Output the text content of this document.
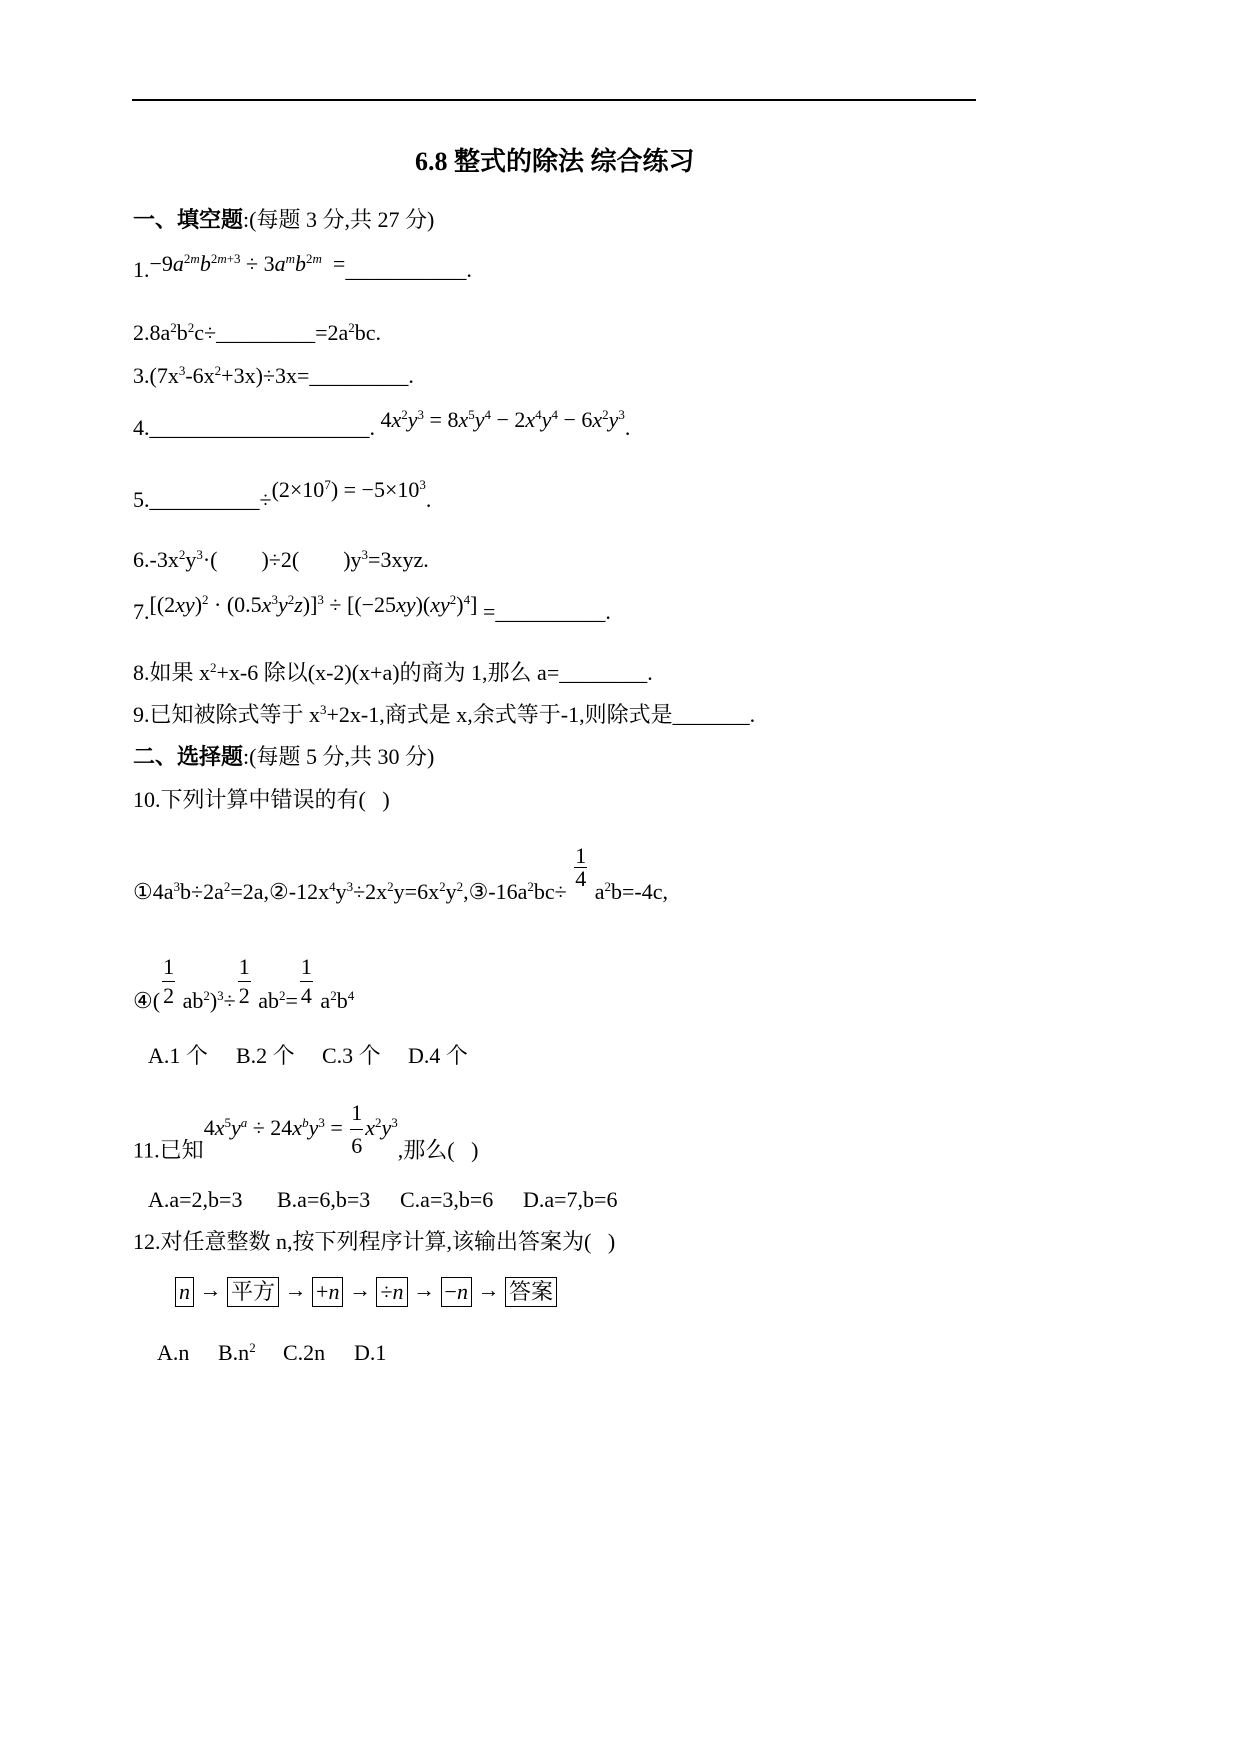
6.8 整式的除法 综合练习
一、填空题:(每题 3 分,共 27 分)
$1.-9a^{2m}b^{2m+3} \div 3a^mb^{2m}$  =___________.
$2.8a^2b^2c\div\_\_\_\_\_\_\_\_\_=2a^2bc$.
$3.(7x^3-6x^2+3x)\div 3x=\_\_\_\_\_\_\_\_\_$.
4.____________________. $4x^2y^3 = 8x^5y^4 - 2x^4y^4 - 6x^2y^3$.
$5.\_\_\_\_\_\_\_\_\_\_\div(2\times 10^7) = -5\times 10^3$.
$6.-3x^2y^3\cdot$(        )÷2(        )$y^3=3xyz$.
$7.[(2xy)^2 \cdot (0.5x^3y^2z)]^3 \div [(-25xy)(xy^2)^4]$ =__________.
8.如果 $x^2+x-6$ 除以(x-2)(x+a)的商为 1,那么 a=________.
9.已知被除式等于 $x^3+2x-1$,商式是 x,余式等于-1,则除式是_______.
二、选择题:(每题 5 分,共 30 分)
10.下列计算中错误的有(   )
$①4a^3b\div 2a^2=2a,②-12x^4y^3\div 2x^2y=6x^2y^2,③-16a^2bc\div$
$\frac{1}{4}$
$a^2b=-4c$,
④( $\frac{1}{2} ab^2)^3\div \frac{1}{2} ab^2= \frac{1}{4} a^2b^4$
A.1 个 B.2 个 C.3 个 D.4 个
11.已知$4x^5y^a \div 24x^by^3 = \frac{1}{6} x^2y^3$,那么(   )
A.a=2,b=3 B.a=6,b=3 C.a=3,b=6 D.a=7,b=6
12.对任意整数 n,按下列程序计算,该输出答案为(   )
n → 平方 → +n → ÷n → −n → 答案
A.n $B.n^2$ C.2n D.1
